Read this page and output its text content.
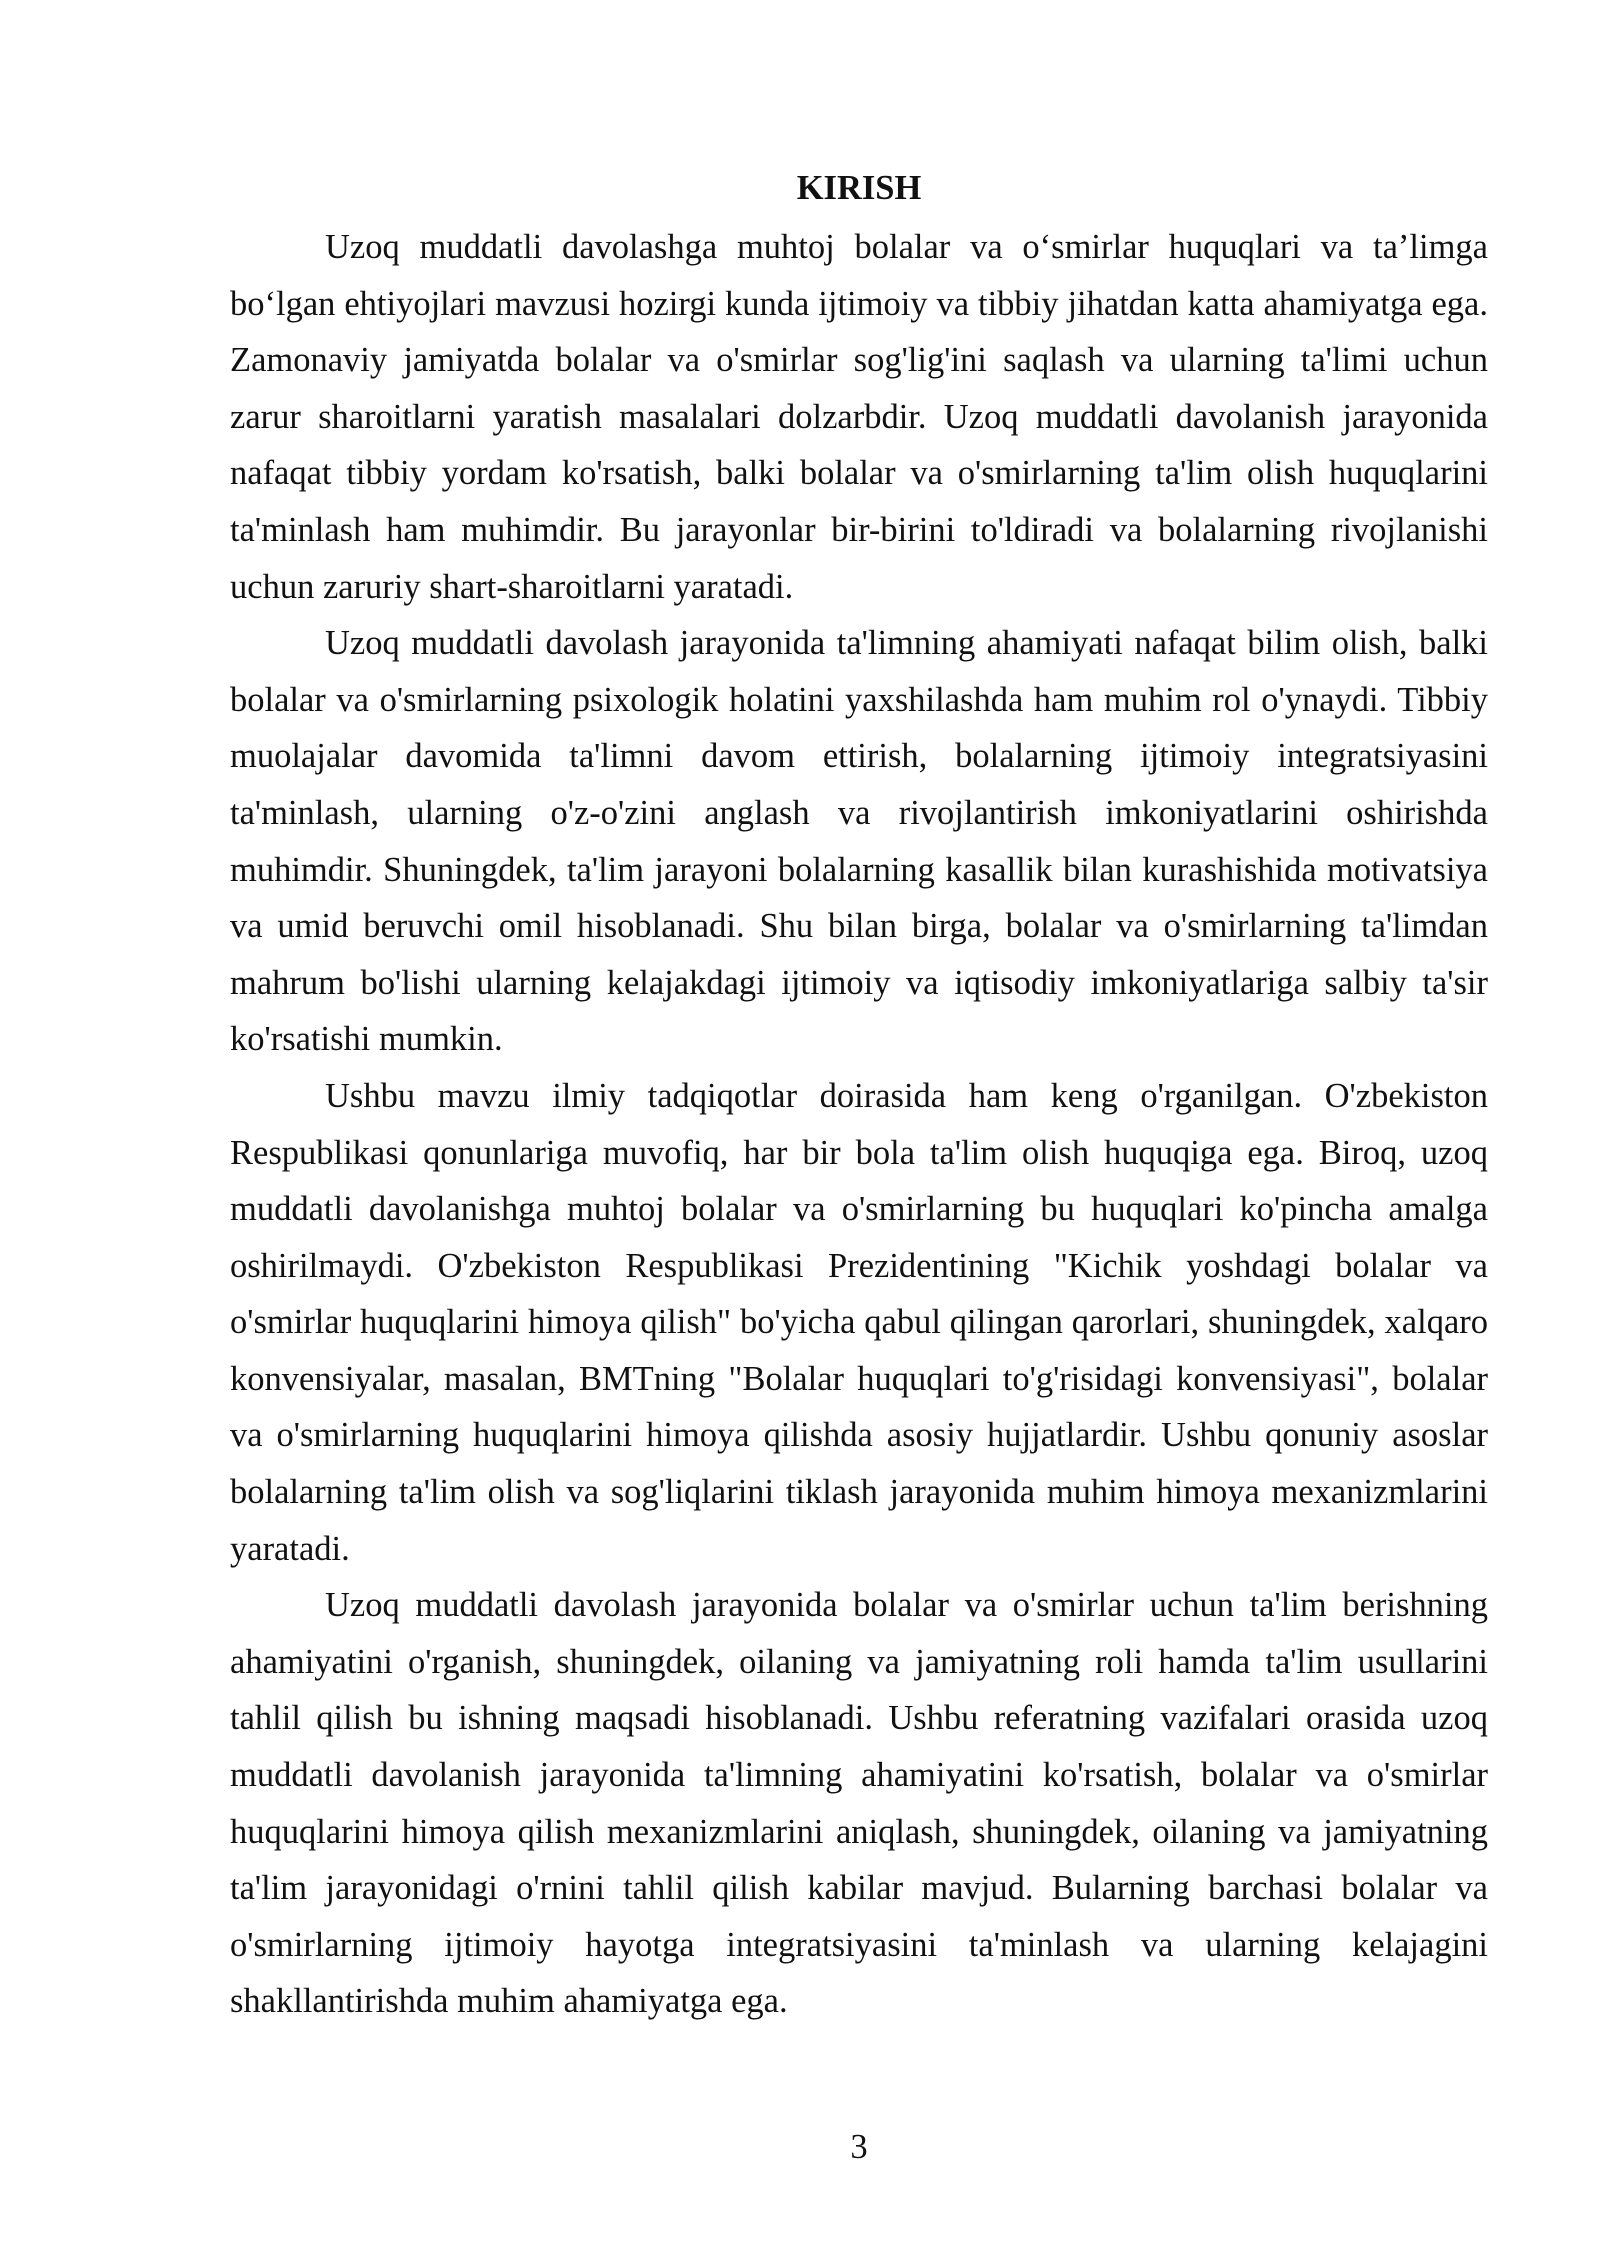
KIRISH

Uzoq muddatli davolashga muhtoj bolalar va o‘smirlar huquqlari va ta’limga bo‘lgan ehtiyojlari mavzusi hozirgi kunda ijtimoiy va tibbiy jihatdan katta ahamiyatga ega. Zamonaviy jamiyatda bolalar va o'smirlar sog'lig'ini saqlash va ularning ta'limi uchun zarur sharoitlarni yaratish masalalari dolzarbdir. Uzoq muddatli davolanish jarayonida nafaqat tibbiy yordam ko'rsatish, balki bolalar va o'smirlarning ta'lim olish huquqlarini ta'minlash ham muhimdir. Bu jarayonlar bir-birini to'ldiradi va bolalarning rivojlanishi uchun zaruriy shart-sharoitlarni yaratadi.

Uzoq muddatli davolash jarayonida ta'limning ahamiyati nafaqat bilim olish, balki bolalar va o'smirlarning psixologik holatini yaxshilashda ham muhim rol o'ynaydi. Tibbiy muolajalar davomida ta'limni davom ettirish, bolalarning ijtimoiy integratsiyasini ta'minlash, ularning o'z-o'zini anglash va rivojlantirish imkoniyatlarini oshirishda muhimdir. Shuningdek, ta'lim jarayoni bolalarning kasallik bilan kurashishida motivatsiya va umid beruvchi omil hisoblanadi. Shu bilan birga, bolalar va o'smirlarning ta'limdan mahrum bo'lishi ularning kelajakdagi ijtimoiy va iqtisodiy imkoniyatlariga salbiy ta'sir ko'rsatishi mumkin.

Ushbu mavzu ilmiy tadqiqotlar doirasida ham keng o'rganilgan. O'zbekiston Respublikasi qonunlariga muvofiq, har bir bola ta'lim olish huquqiga ega. Biroq, uzoq muddatli davolanishga muhtoj bolalar va o'smirlarning bu huquqlari ko'pincha amalga oshirilmaydi. O'zbekiston Respublikasi Prezidentining "Kichik yoshdagi bolalar va o'smirlar huquqlarini himoya qilish" bo'yicha qabul qilingan qarorlari, shuningdek, xalqaro konvensiyalar, masalan, BMTning "Bolalar huquqlari to'g'risidagi konvensiyasi", bolalar va o'smirlarning huquqlarini himoya qilishda asosiy hujjatlardir. Ushbu qonuniy asoslar bolalarning ta'lim olish va sog'liqlarini tiklash jarayonida muhim himoya mexanizmlarini yaratadi.

Uzoq muddatli davolash jarayonida bolalar va o'smirlar uchun ta'lim berishning ahamiyatini o'rganish, shuningdek, oilaning va jamiyatning roli hamda ta'lim usullarini tahlil qilish bu ishning maqsadi hisoblanadi. Ushbu referatning vazifalari orasida uzoq muddatli davolanish jarayonida ta'limning ahamiyatini ko'rsatish, bolalar va o'smirlar huquqlarini himoya qilish mexanizmlarini aniqlash, shuningdek, oilaning va jamiyatning ta'lim jarayonidagi o'rnini tahlil qilish kabilar mavjud. Bularning barchasi bolalar va o'smirlarning ijtimoiy hayotga integratsiyasini ta'minlash va ularning kelajagini shakllantirishda muhim ahamiyatga ega.

3
